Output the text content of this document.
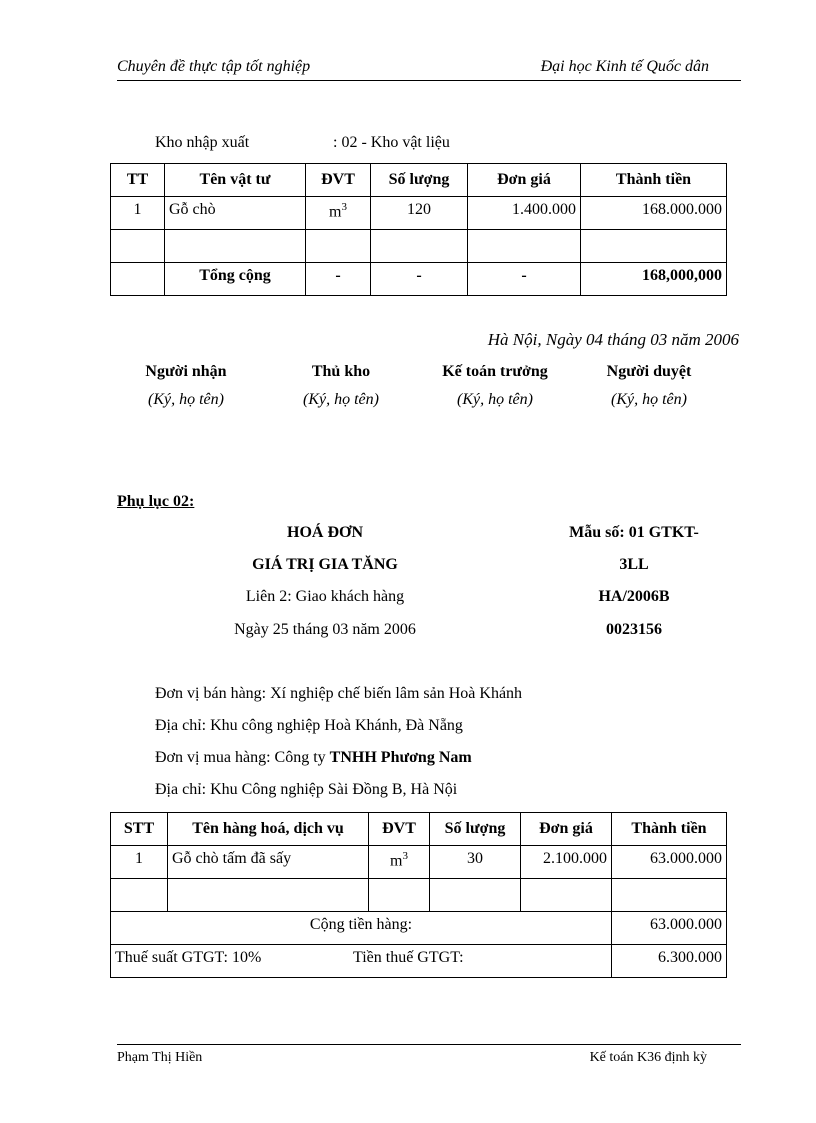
Chuyên đề thực tập tốt nghiệp	Đại học Kinh tế Quốc dân
Kho nhập xuất	: 02 - Kho vật liệu
TT	Tên vật tư	ĐVT	Số lượng	Đơn giá	Thành tiền
1	Gỗ chò	$m^3$	120	1.400.000	168.000.000

	Tổng cộng	-	-	-	168,000,000
Hà Nội, Ngày 04 tháng 03 năm 2006
Người nhận
(Ký, họ tên)
Thủ kho
(Ký, họ tên)
Kế toán trưởng
(Ký, họ tên)
Người duyệt
(Ký, họ tên)
Phụ lục 02:
HOÁ ĐƠN
GIÁ TRỊ GIA TĂNG
Liên 2: Giao khách hàng
Ngày 25 tháng 03 năm 2006
Mẫu số: 01 GTKT-
3LL
HA/2006B
0023156
Đơn vị bán hàng: Xí nghiệp chế biến lâm sản Hoà Khánh
Địa chỉ: Khu công nghiệp Hoà Khánh, Đà Nẵng
Đơn vị mua hàng: Công ty TNHH Phương Nam
Địa chỉ: Khu Công nghiệp Sài Đồng B, Hà Nội
STT	Tên hàng hoá, dịch vụ	ĐVT	Số lượng	Đơn giá	Thành tiền
1	Gỗ chò tấm đã sấy	$m^3$	30	2.100.000	63.000.000

Cộng tiền hàng:					63.000.000
Thuế suất GTGT: 10% Tiền thuế GTGT:					6.300.000
Phạm Thị Hiền	Kế toán K36 định kỳ
